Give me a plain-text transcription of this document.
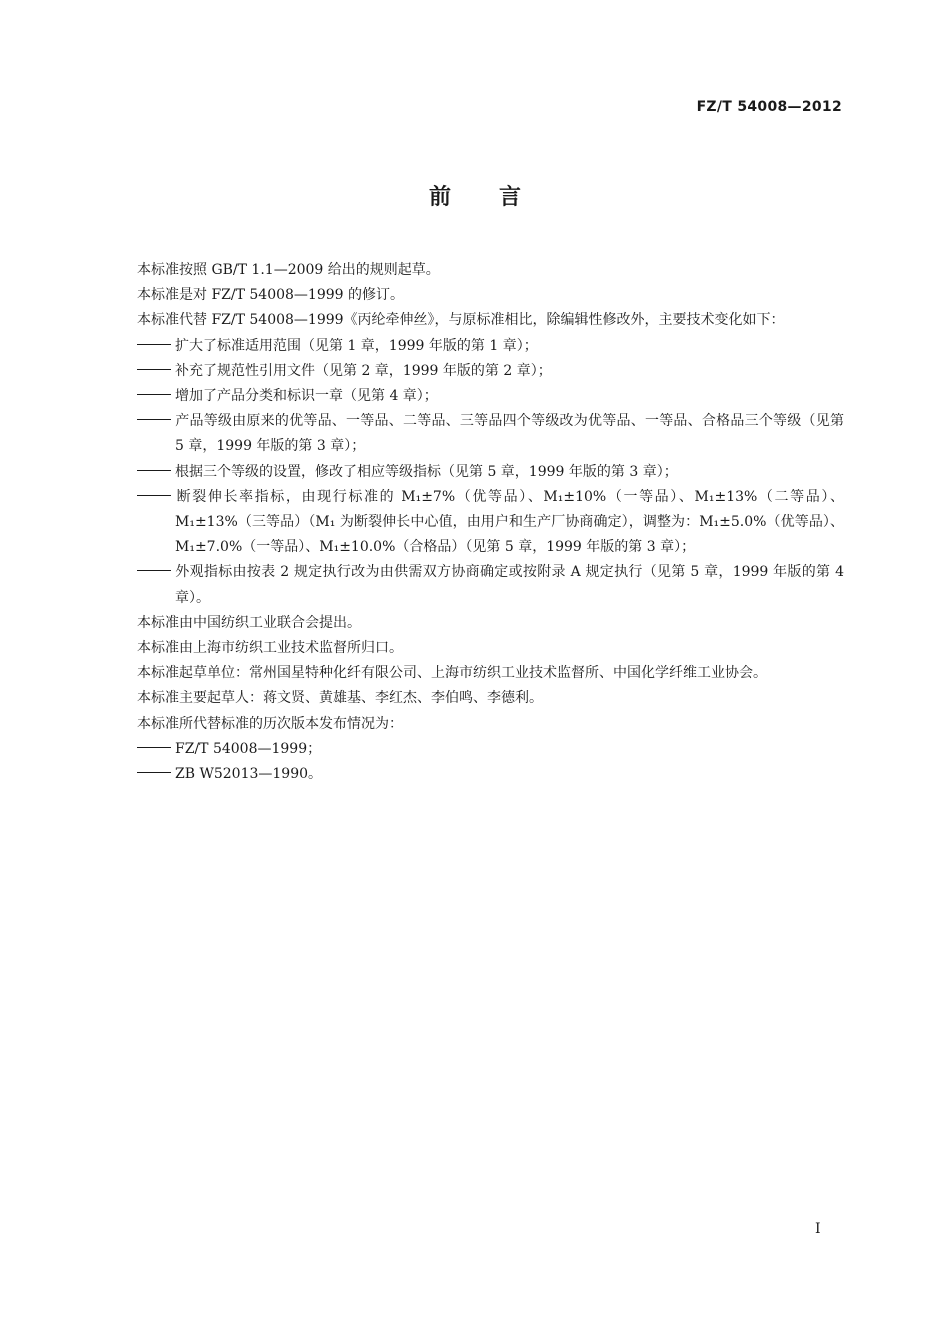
FZ/T 54008—2012
前言

本标准按照 GB/T 1.1—2009 给出的规则起草。

本标准是对 FZ/T 54008—1999 的修订。

本标准代替 FZ/T 54008—1999《丙纶牵伸丝》，与原标准相比，除编辑性修改外，主要技术变化如下：

扩大了标准适用范围（见第 1 章，1999 年版的第 1 章）；
补充了规范性引用文件（见第 2 章，1999 年版的第 2 章）；
增加了产品分类和标识一章（见第 4 章）；
产品等级由原来的优等品、一等品、二等品、三等品四个等级改为优等品、一等品、合格品三个等级（见第 5 章，1999 年版的第 3 章）；
根据三个等级的设置，修改了相应等级指标（见第 5 章，1999 年版的第 3 章）；
断裂伸长率指标，由现行标准的 M₁±7%（优等品）、M₁±10%（一等品）、M₁±13%（二等品）、M₁±13%（三等品）（M₁ 为断裂伸长中心值，由用户和生产厂协商确定），调整为：M₁±5.0%（优等品）、M₁±7.0%（一等品）、M₁±10.0%（合格品）（见第 5 章，1999 年版的第 3 章）；
外观指标由按表 2 规定执行改为由供需双方协商确定或按附录 A 规定执行（见第 5 章，1999 年版的第 4 章）。

本标准由中国纺织工业联合会提出。

本标准由上海市纺织工业技术监督所归口。

本标准起草单位：常州国星特种化纤有限公司、上海市纺织工业技术监督所、中国化学纤维工业协会。

本标准主要起草人：蒋文贤、黄雄基、李红杰、李伯鸣、李德利。

本标准所代替标准的历次版本发布情况为：

FZ/T 54008—1999；
ZB W52013—1990。
I
